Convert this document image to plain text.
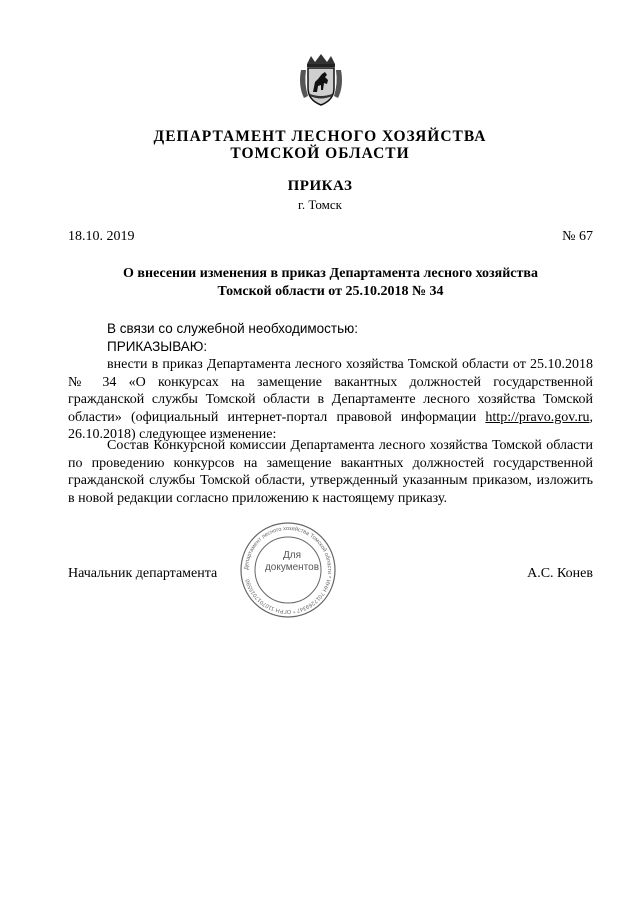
ДЕПАРТАМЕНТ ЛЕСНОГО ХОЗЯЙСТВА
ТОМСКОЙ ОБЛАСТИ
ПРИКАЗ
г. Томск
18.10. 2019	№ 67
О внесении изменения в приказ Департамента лесного хозяйства
Томской области от 25.10.2018 № 34

В связи со служебной необходимостью:

ПРИКАЗЫВАЮ:

внести в приказ Департамента лесного хозяйства Томской области от 25.10.2018 № 34 «О конкурсах на замещение вакантных должностей государственной гражданской службы Томской области в Департаменте лесного хозяйства Томской области» (официальный интернет-портал правовой информации http://pravo.gov.ru, 26.10.2018) следующее изменение:

Состав Конкурсной комиссии Департамента лесного хозяйства Томской области по проведению конкурсов на замещение вакантных должностей государственной гражданской службы Томской области, утвержденный указанным приказом, изложить в новой редакции согласно приложению к настоящему приказу.

Начальник департамента	А.С. Конев
Департамент лесного хозяйства Томской области * ИНН 7017269347 * ОГРН 1107017015590
Для
документов
